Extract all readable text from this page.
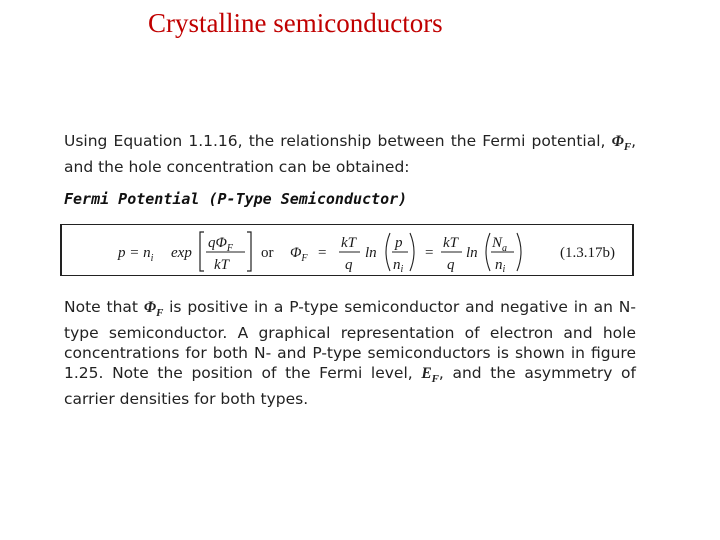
Crystalline semiconductors

Using Equation 1.1.16, the relationship between the Fermi potential, $\Phi_F$, and the hole concentration can be obtained:

Fermi Potential (P-Type Semiconductor)
$p = n_i$ exp
$q\Phi_F$
kT
or $\Phi_F$ =
kT
q
ln
p
$n_i$
=
kT
q
ln
$N_a$
$n_i$
(1.3.17b)

Note that $\Phi_F$ is positive in a P-type semiconductor and negative in an N-type semiconductor. A graphical representation of electron and hole concentrations for both N- and P-type semiconductors is shown in figure 1.25. Note the position of the Fermi level, $E_F$, and the asymmetry of carrier densities for both types.
